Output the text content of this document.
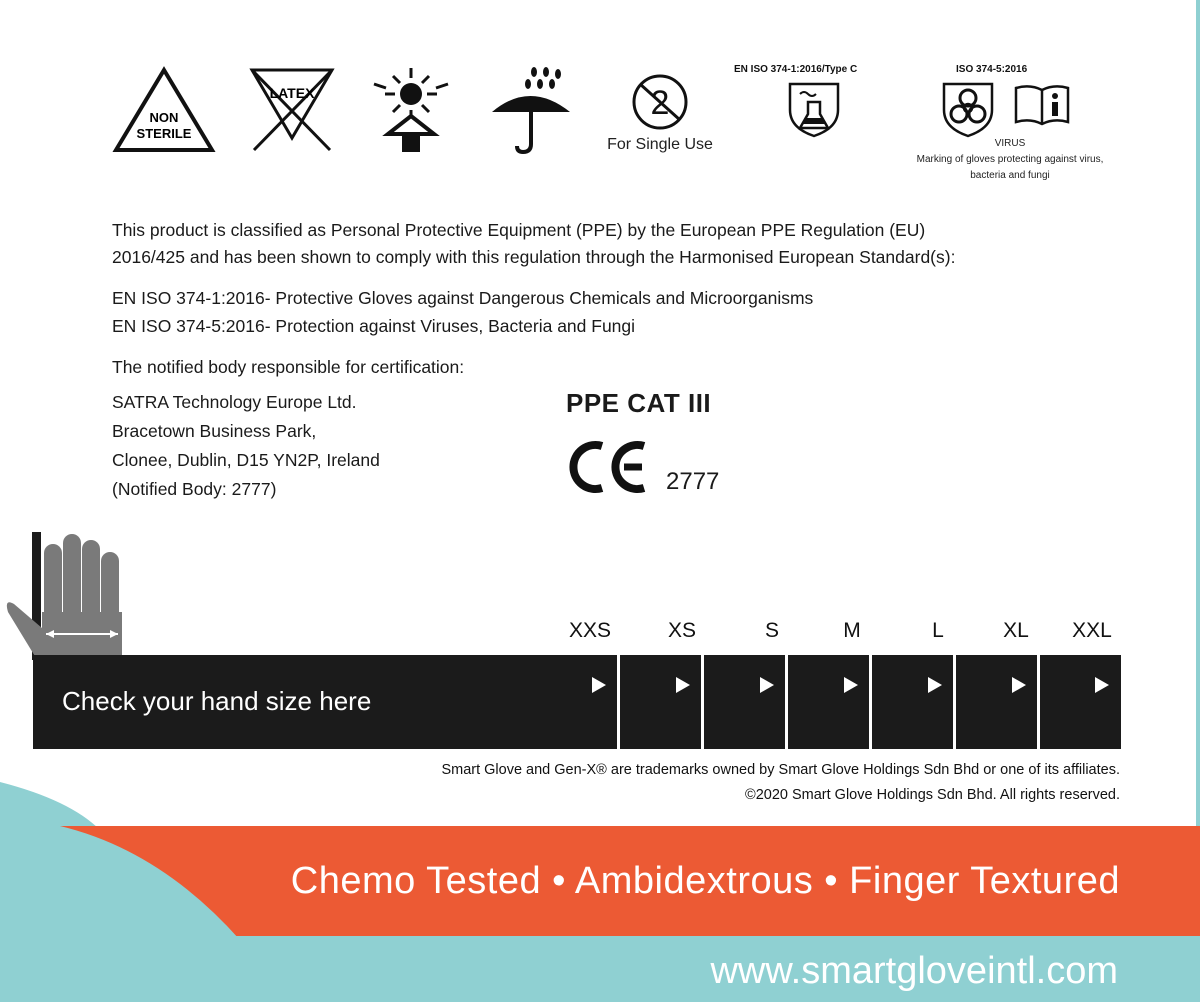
NON
STERILE
LATEX	2
For Single Use
EN ISO 374-1:2016/Type C	ISO 374-5:2016
VIRUS
Marking of gloves protecting against virus,
bacteria and fungi
This product is classified as Personal Protective Equipment (PPE) by the European PPE Regulation (EU)
2016/425 and has been shown to comply with this regulation through the Harmonised European Standard(s):
EN ISO 374-1:2016- Protective Gloves against Dangerous Chemicals and Microorganisms
EN ISO 374-5:2016- Protection against Viruses, Bacteria and Fungi
The notified body responsible for certification:
SATRA Technology Europe Ltd.
Bracetown Business Park,
Clonee, Dublin, D15 YN2P, Ireland
(Notified Body: 2777)
PPE CAT III
CE
2777
Check your hand size here
XXS	XS	S	M	L	XL	XXL
Smart Glove and Gen-X® are trademarks owned by Smart Glove Holdings Sdn Bhd or one of its affiliates.
©2020 Smart Glove Holdings Sdn Bhd. All rights reserved.
Chemo Tested • Ambidextrous • Finger Textured
www.smartgloveintl.com
